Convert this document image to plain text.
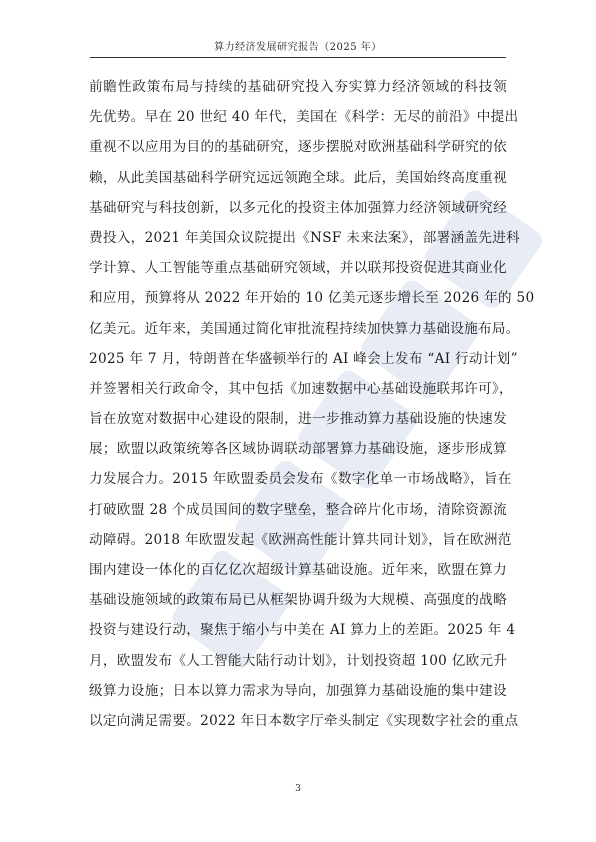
算力经济发展研究报告（2025 年）
前瞻性政策布局与持续的基础研究投入夯实算力经济领域的科技领
先优势。早在 20 世纪 40 年代，美国在《科学：无尽的前沿》中提出
重视不以应用为目的的基础研究，逐步摆脱对欧洲基础科学研究的依
赖，从此美国基础科学研究远远领跑全球。此后，美国始终高度重视
基础研究与科技创新，以多元化的投资主体加强算力经济领域研究经
费投入，2021 年美国众议院提出《NSF 未来法案》，部署涵盖先进科
学计算、人工智能等重点基础研究领域，并以联邦投资促进其商业化
和应用，预算将从 2022 年开始的 10 亿美元逐步增长至 2026 年的 50
亿美元。近年来，美国通过简化审批流程持续加快算力基础设施布局。
2025 年 7 月，特朗普在华盛顿举行的 AI 峰会上发布 “AI 行动计划”
并签署相关行政命令，其中包括《加速数据中心基础设施联邦许可》，
旨在放宽对数据中心建设的限制，进一步推动算力基础设施的快速发
展；欧盟以政策统筹各区域协调联动部署算力基础设施，逐步形成算
力发展合力。2015 年欧盟委员会发布《数字化单一市场战略》，旨在
打破欧盟 28 个成员国间的数字壁垒，整合碎片化市场，清除资源流
动障碍。2018 年欧盟发起《欧洲高性能计算共同计划》，旨在欧洲范
围内建设一体化的百亿亿次超级计算基础设施。近年来，欧盟在算力
基础设施领域的政策布局已从框架协调升级为大规模、高强度的战略
投资与建设行动，聚焦于缩小与中美在 AI 算力上的差距。2025 年 4
月，欧盟发布《人工智能大陆行动计划》，计划投资超 100 亿欧元升
级算力设施；日本以算力需求为导向，加强算力基础设施的集中建设
以定向满足需要。2022 年日本数字厅牵头制定《实现数字社会的重点
3
